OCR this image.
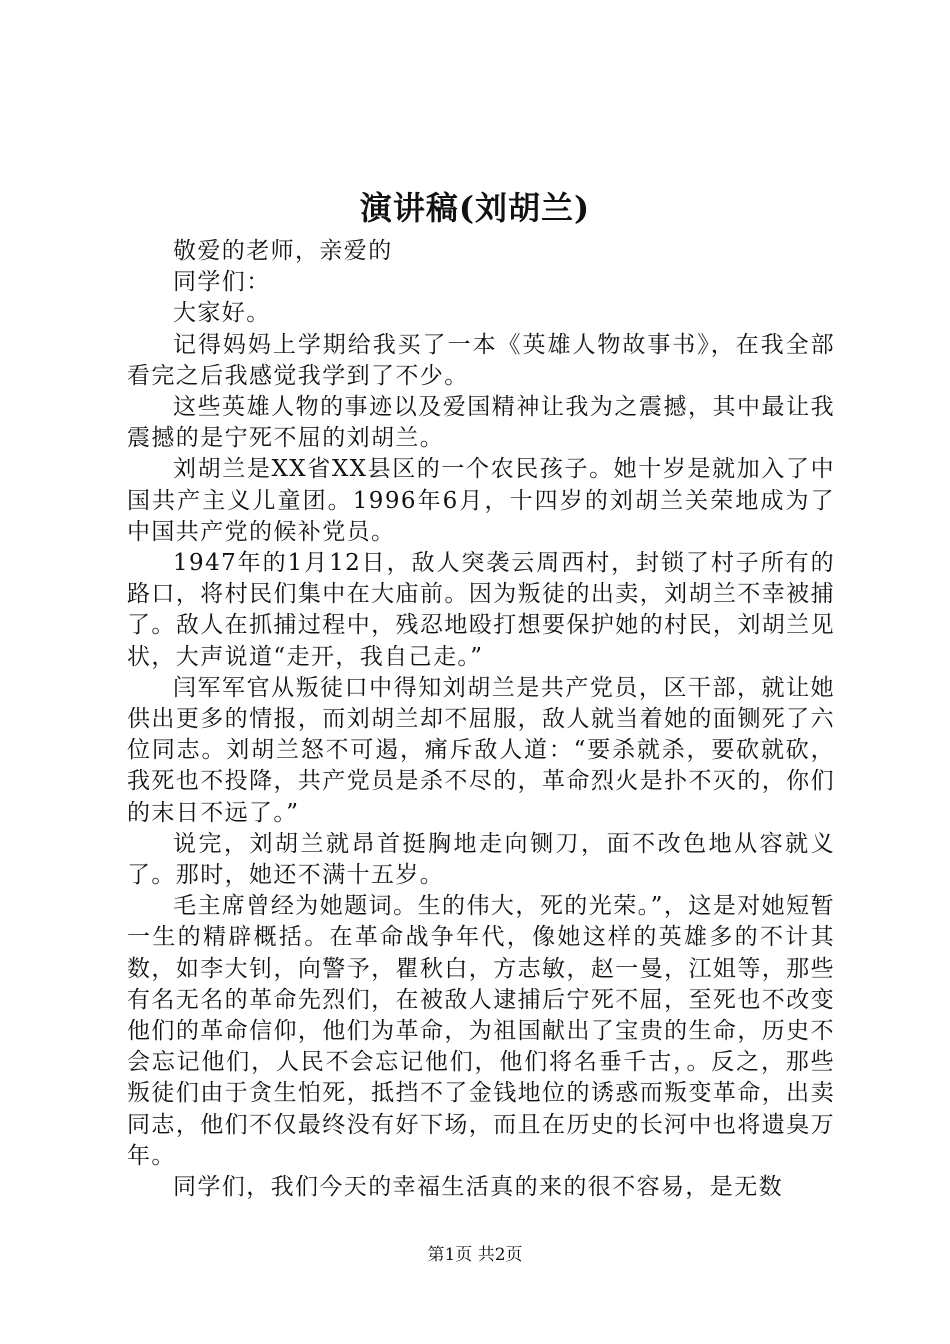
演讲稿(刘胡兰)

敬爱的老师，亲爱的

同学们：

大家好。

记得妈妈上学期给我买了一本《英雄人物故事书》，在我全部看完之后我感觉我学到了不少。

这些英雄人物的事迹以及爱国精神让我为之震撼，其中最让我震撼的是宁死不屈的刘胡兰。

刘胡兰是XX省XX县区的一个农民孩子。她十岁是就加入了中国共产主义儿童团。1996年6月，十四岁的刘胡兰关荣地成为了中国共产党的候补党员。

1947年的1月12日，敌人突袭云周西村，封锁了村子所有的路口，将村民们集中在大庙前。因为叛徒的出卖，刘胡兰不幸被捕了。敌人在抓捕过程中，残忍地殴打想要保护她的村民，刘胡兰见状，大声说道“走开，我自己走。”

闫军军官从叛徒口中得知刘胡兰是共产党员，区干部，就让她供出更多的情报，而刘胡兰却不屈服，敌人就当着她的面铡死了六位同志。刘胡兰怒不可遏，痛斥敌人道：“要杀就杀，要砍就砍，我死也不投降，共产党员是杀不尽的，革命烈火是扑不灭的，你们的末日不远了。”

说完，刘胡兰就昂首挺胸地走向铡刀，面不改色地从容就义了。那时，她还不满十五岁。

毛主席曾经为她题词。生的伟大，死的光荣。”，这是对她短暂一生的精辟概括。在革命战争年代，像她这样的英雄多的不计其数，如李大钊，向警予，瞿秋白，方志敏，赵一曼，江姐等，那些有名无名的革命先烈们，在被敌人逮捕后宁死不屈，至死也不改变他们的革命信仰，他们为革命，为祖国献出了宝贵的生命，历史不会忘记他们，人民不会忘记他们，他们将名垂千古，。反之，那些叛徒们由于贪生怕死，抵挡不了金钱地位的诱惑而叛变革命，出卖同志，他们不仅最终没有好下场，而且在历史的长河中也将遗臭万年。

同学们，我们今天的幸福生活真的来的很不容易，是无数

第1页 共2页
